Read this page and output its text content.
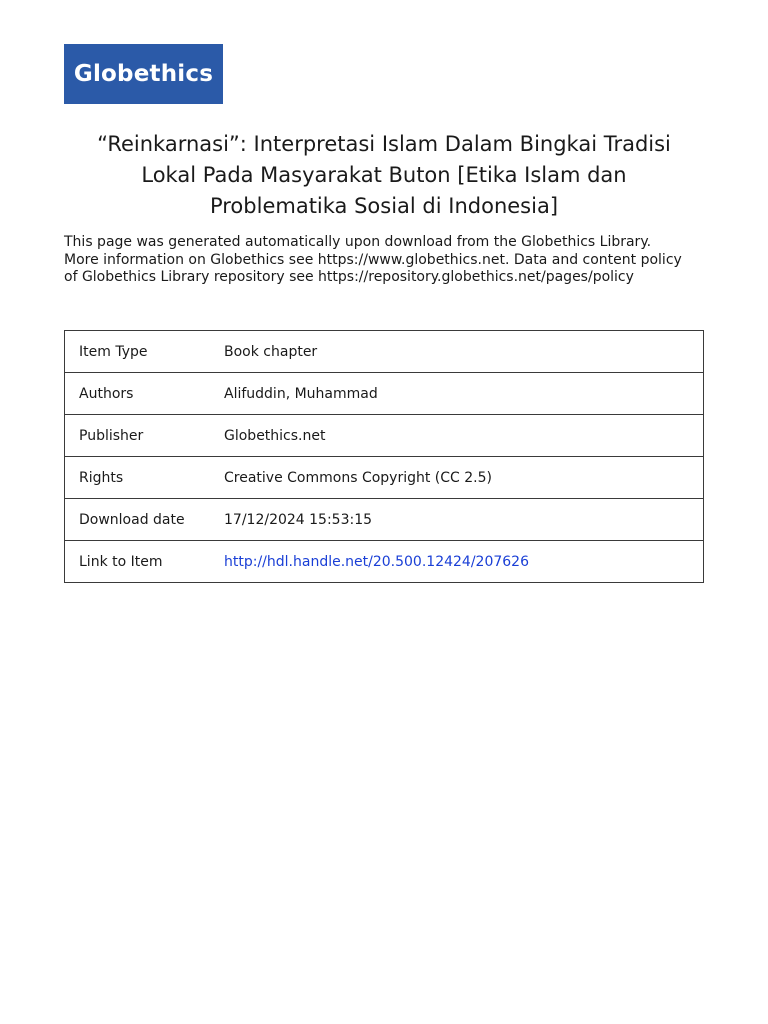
Globethics
“Reinkarnasi”: Interpretasi Islam Dalam Bingkai Tradisi Lokal Pada Masyarakat Buton [Etika Islam dan Problematika Sosial di Indonesia]

This page was generated automatically upon download from the Globethics Library. More information on Globethics see https://www.globethics.net. Data and content policy of Globethics Library repository see https://repository.globethics.net/pages/policy

Item Type	Book chapter
Authors	Alifuddin, Muhammad
Publisher	Globethics.net
Rights	Creative Commons Copyright (CC 2.5)
Download date	17/12/2024 15:53:15
Link to Item	http://hdl.handle.net/20.500.12424/207626
